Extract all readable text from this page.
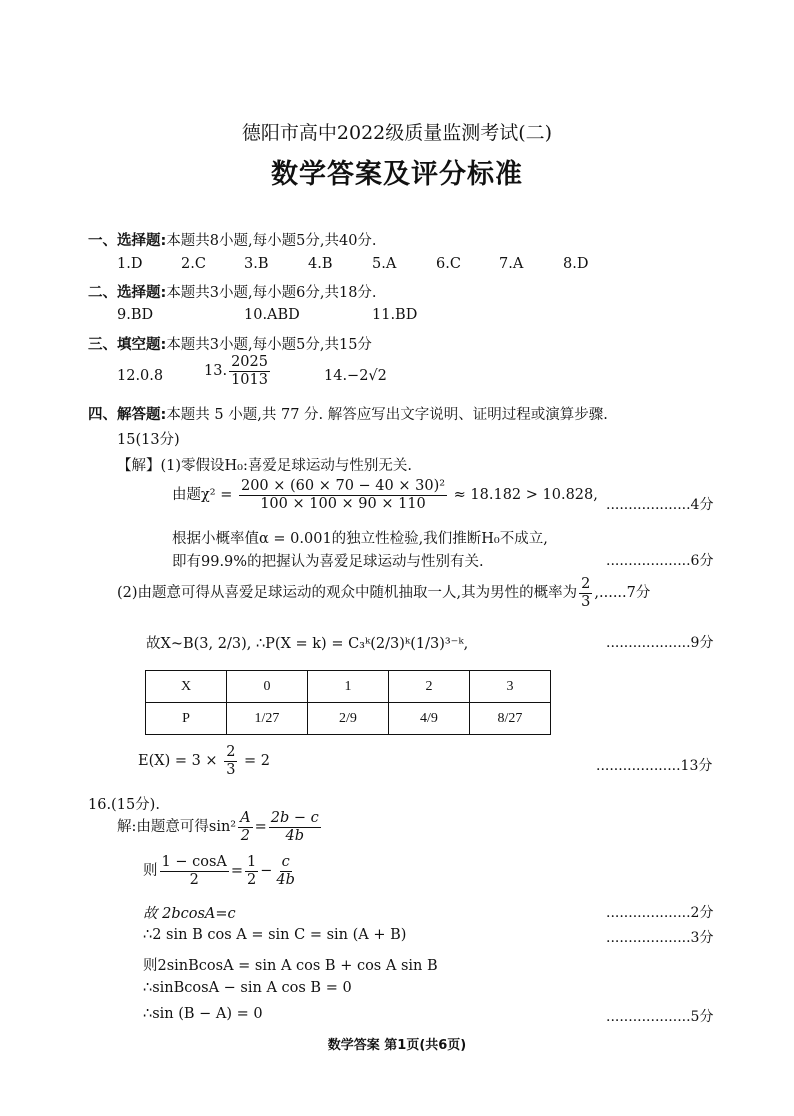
德阳市高中2022级质量监测考试(二)
数学答案及评分标准
一、选择题:本题共8小题,每小题5分,共40分.
1.D	2.C	3.B	4.B	5.A	6.C	7.A	8.D
二、选择题:本题共3小题,每小题6分,共18分.
9.BD	10.ABD	11.BD
三、填空题:本题共3小题,每小题5分,共15分
12.0.8	13. $\frac{2025}{1013}$	14.−2√2
四、解答题:本题共 5 小题,共 77 分. 解答应写出文字说明、证明过程或演算步骤.
15(13分)
【解】(1)零假设H₀:喜爱足球运动与性别无关.
由题$\chi^2 = \frac{\text{200 × (60 × 70 − 40 × 30)²}}{100 \times 100 \times 90 \times 110} \approx 18.182 > 10.828$,
...................4分
根据小概率值α = 0.001的独立性检验,我们推断H₀不成立,
即有99.9%的把握认为喜爱足球运动与性别有关.	...................6分
(2)由题意可得从喜爱足球运动的观众中随机抽取一人,其为男性的概率为 $\frac{2}{3} ,......7$分
故X~B(3, 2/3), ∴P(X = k) = C₃ᵏ(2/3)ᵏ(1/3)³⁻ᵏ,	...................9分
X	0	1	2	3
P	1/27	2/9	4/9	8/27
$E(X) = 3 \times \frac{2}{3} = 2$	...................13分
16.(15分).
解:由题意可得$\sin^2 \frac{A}{2} = \frac{2b - c}{4b}$
则 $\frac{1 - \cos A}{2} = \frac{1}{2} - \frac{c}{4b}$
故 2bcosA=c	...................2分
∴2 sin B cos A = sin C = sin (A + B)	...................3分
则2sinBcosA = sin A cos B + cos A sin B
∴sinBcosA − sin A cos B = 0
∴sin (B − A) = 0	...................5分
数学答案 第1页(共6页)
